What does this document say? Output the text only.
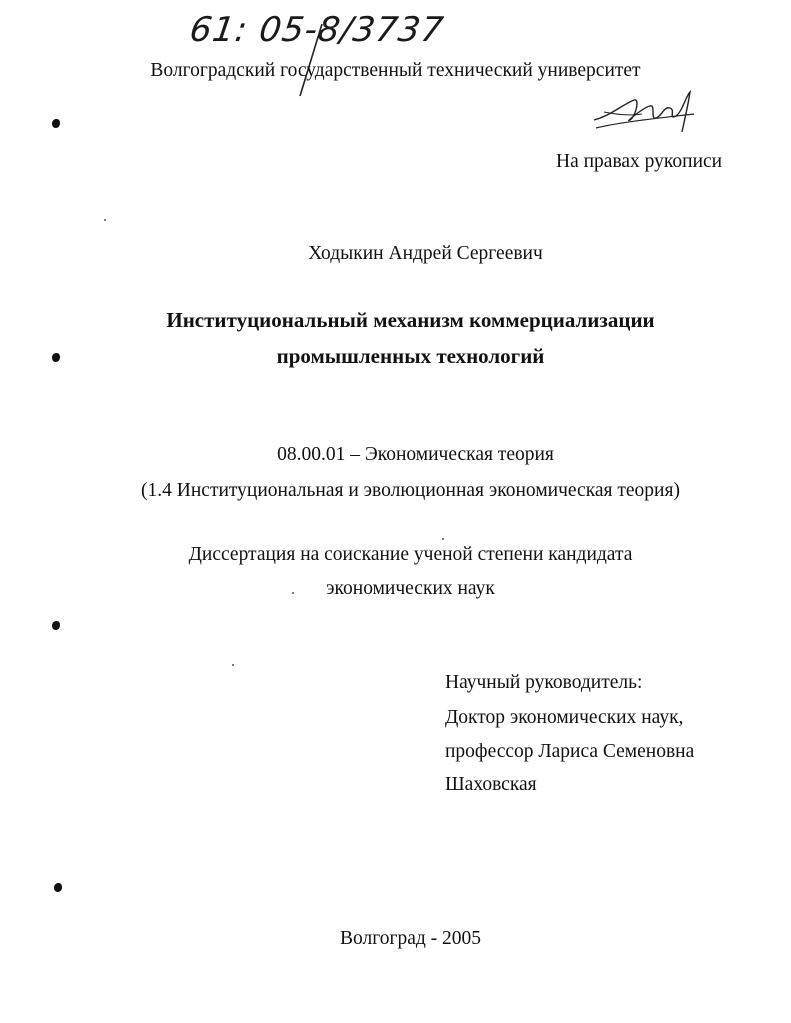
61: 05-8/3737
Волгоградский государственный технический университет
На правах рукописи
Ходыкин Андрей Сергеевич
Институциональный механизм коммерциализации
промышленных технологий
08.00.01 – Экономическая теория
(1.4 Институциональная и эволюционная экономическая теория)
Диссертация на соискание ученой степени кандидата
экономических наук
Научный руководитель:
Доктор экономических наук,
профессор Лариса Семеновна
Шаховская
Волгоград - 2005
